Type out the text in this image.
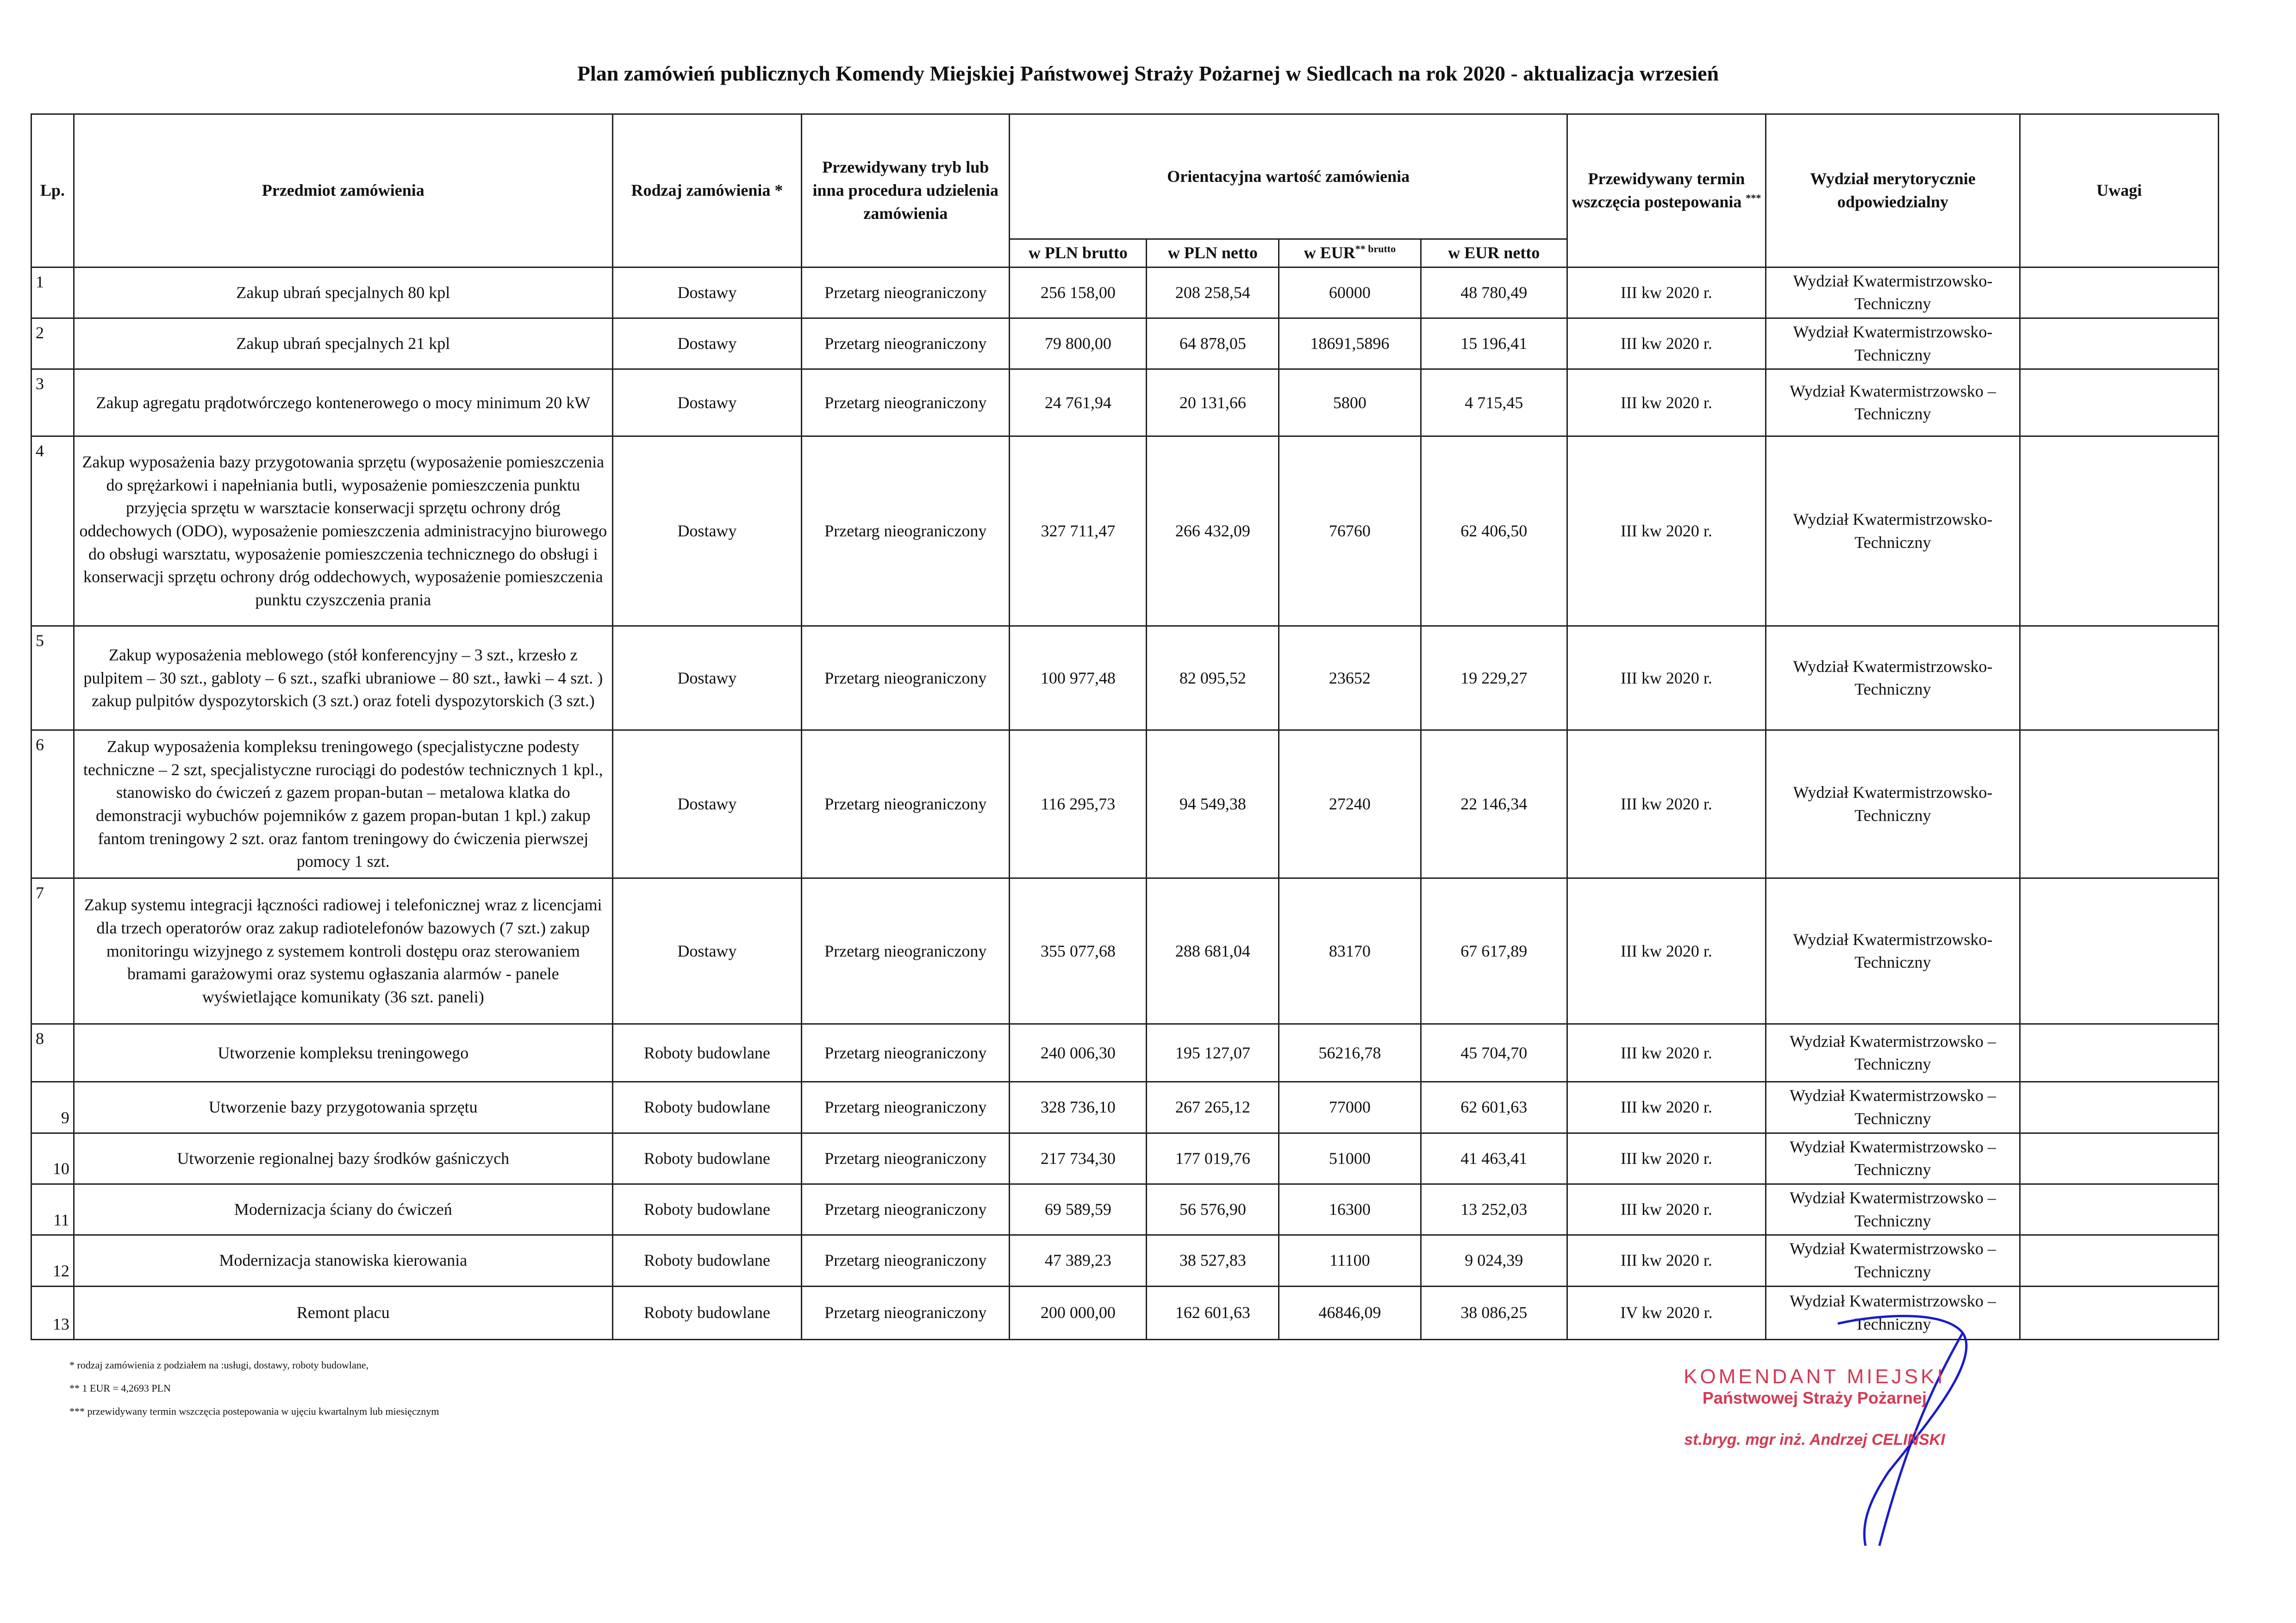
Plan zamówień publicznych Komendy Miejskiej Państwowej Straży Pożarnej w Siedlcach na rok 2020 - aktualizacja wrzesień
Lp.	Przedmiot zamówienia	Rodzaj zamówienia *	Przewidywany tryb lub inna procedura udzielenia zamówienia	Orientacyjna wartość zamówienia				Przewidywany termin wszczęcia postepowania ***	Wydział merytorycznie odpowiedzialny	Uwagi
				w PLN brutto	w PLN netto	w $EUR^{** brutto}$	w EUR netto			
1	Zakup ubrań specjalnych 80 kpl	Dostawy	Przetarg nieograniczony	256 158,00	208 258,54	60000	48 780,49	III kw 2020 r.	Wydział Kwatermistrzowsko-Techniczny	
2	Zakup ubrań specjalnych 21 kpl	Dostawy	Przetarg nieograniczony	79 800,00	64 878,05	18691,5896	15 196,41	III kw 2020 r.	Wydział Kwatermistrzowsko-Techniczny	
3	Zakup agregatu prądotwórczego kontenerowego o mocy minimum 20 kW	Dostawy	Przetarg nieograniczony	24 761,94	20 131,66	5800	4 715,45	III kw 2020 r.	Wydział Kwatermistrzowsko – Techniczny	
4	Zakup wyposażenia bazy przygotowania sprzętu (wyposażenie pomieszczenia do sprężarkowi i napełniania butli, wyposażenie pomieszczenia punktu przyjęcia sprzętu w warsztacie konserwacji sprzętu ochrony dróg oddechowych (ODO), wyposażenie pomieszczenia administracyjno biurowego do obsługi warsztatu, wyposażenie pomieszczenia technicznego do obsługi i konserwacji sprzętu ochrony dróg oddechowych, wyposażenie pomieszczenia punktu czyszczenia prania	Dostawy	Przetarg nieograniczony	327 711,47	266 432,09	76760	62 406,50	III kw 2020 r.	Wydział Kwatermistrzowsko-Techniczny	
5	Zakup wyposażenia meblowego (stół konferencyjny – 3 szt., krzesło z pulpitem – 30 szt., gabloty – 6 szt., szafki ubraniowe – 80 szt., ławki – 4 szt. ) zakup pulpitów dyspozytorskich (3 szt.) oraz foteli dyspozytorskich (3 szt.)	Dostawy	Przetarg nieograniczony	100 977,48	82 095,52	23652	19 229,27	III kw 2020 r.	Wydział Kwatermistrzowsko-Techniczny	
6	Zakup wyposażenia kompleksu treningowego (specjalistyczne podesty techniczne – 2 szt, specjalistyczne rurociągi do podestów technicznych 1 kpl., stanowisko do ćwiczeń z gazem propan-butan – metalowa klatka do demonstracji wybuchów pojemników z gazem propan-butan 1 kpl.) zakup fantom treningowy 2 szt. oraz fantom treningowy do ćwiczenia pierwszej pomocy 1 szt.	Dostawy	Przetarg nieograniczony	116 295,73	94 549,38	27240	22 146,34	III kw 2020 r.	Wydział Kwatermistrzowsko-Techniczny	
7	Zakup systemu integracji łączności radiowej i telefonicznej wraz z licencjami dla trzech operatorów oraz zakup radiotelefonów bazowych (7 szt.) zakup monitoringu wizyjnego z systemem kontroli dostępu oraz sterowaniem bramami garażowymi oraz systemu ogłaszania alarmów - panele wyświetlające komunikaty (36 szt. paneli)	Dostawy	Przetarg nieograniczony	355 077,68	288 681,04	83170	67 617,89	III kw 2020 r.	Wydział Kwatermistrzowsko-Techniczny	
8	Utworzenie kompleksu treningowego	Roboty budowlane	Przetarg nieograniczony	240 006,30	195 127,07	56216,78	45 704,70	III kw 2020 r.	Wydział Kwatermistrzowsko – Techniczny	
9	Utworzenie bazy przygotowania sprzętu	Roboty budowlane	Przetarg nieograniczony	328 736,10	267 265,12	77000	62 601,63	III kw 2020 r.	Wydział Kwatermistrzowsko – Techniczny	
10	Utworzenie regionalnej bazy środków gaśniczych	Roboty budowlane	Przetarg nieograniczony	217 734,30	177 019,76	51000	41 463,41	III kw 2020 r.	Wydział Kwatermistrzowsko – Techniczny	
11	Modernizacja ściany do ćwiczeń	Roboty budowlane	Przetarg nieograniczony	69 589,59	56 576,90	16300	13 252,03	III kw 2020 r.	Wydział Kwatermistrzowsko – Techniczny	
12	Modernizacja stanowiska kierowania	Roboty budowlane	Przetarg nieograniczony	47 389,23	38 527,83	11100	9 024,39	III kw 2020 r.	Wydział Kwatermistrzowsko – Techniczny	
13	Remont placu	Roboty budowlane	Przetarg nieograniczony	200 000,00	162 601,63	46846,09	38 086,25	IV kw 2020 r.	Wydział Kwatermistrzowsko – Techniczny	
* rodzaj zamówienia z podziałem na :usługi, dostawy, roboty budowlane,
** 1 EUR = 4,2693 PLN
*** przewidywany termin wszczęcia postepowania w ujęciu kwartalnym lub miesięcznym
KOMENDANT MIEJSKI
Państwowej Straży Pożarnej
st.bryg. mgr inż. Andrzej CELIŃSKI
